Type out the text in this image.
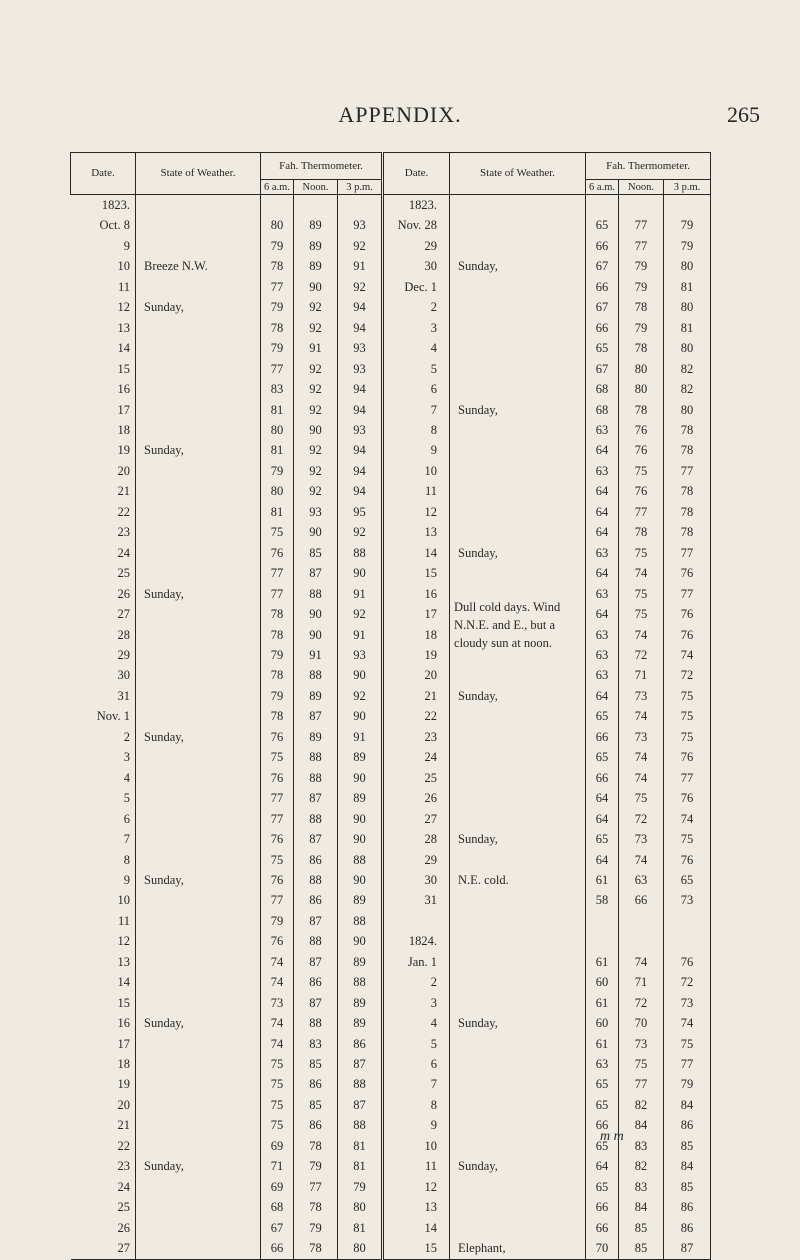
APPENDIX.	265
Date.	State of Weather.	Fah. Thermometer.			Date.	State of Weather.	Fah. Thermometer.		
		6 a.m.	Noon.	3 p.m.			6 a.m.	Noon.	3 p.m.
1823.					1823.				
Oct. 8		80	89	93	Nov. 28		65	77	79
9		79	89	92	29		66	77	79
10	Breeze N.W.	78	89	91	30	Sunday,	67	79	80
11		77	90	92	Dec. 1		66	79	81
12	Sunday,	79	92	94	2		67	78	80
13		78	92	94	3		66	79	81
14		79	91	93	4		65	78	80
15		77	92	93	5		67	80	82
16		83	92	94	6		68	80	82
17		81	92	94	7	Sunday,	68	78	80
18		80	90	93	8		63	76	78
19	Sunday,	81	92	94	9		64	76	78
20		79	92	94	10		63	75	77
21		80	92	94	11		64	76	78
22		81	93	95	12		64	77	78
23		75	90	92	13		64	78	78
24		76	85	88	14	Sunday,	63	75	77
25		77	87	90	15	Dull cold days. Wind N.N.E. and E., but a cloudy sun at noon.	64	74	76
26	Sunday,	77	88	91	16		63	75	77
27		78	90	92	17		64	75	76
28		78	90	91	18		63	74	76
29		79	91	93	19		63	72	74
30		78	88	90	20		63	71	72
31		79	89	92	21	Sunday,	64	73	75
Nov. 1		78	87	90	22		65	74	75
2	Sunday,	76	89	91	23		66	73	75
3		75	88	89	24		65	74	76
4		76	88	90	25		66	74	77
5		77	87	89	26		64	75	76
6		77	88	90	27		64	72	74
7		76	87	90	28	Sunday,	65	73	75
8		75	86	88	29		64	74	76
9	Sunday,	76	88	90	30	N.E. cold.	61	63	65
10		77	86	89	31		58	66	73
11		79	87	88					
12		76	88	90	1824.				
13		74	87	89	Jan. 1		61	74	76
14		74	86	88	2		60	71	72
15		73	87	89	3		61	72	73
16	Sunday,	74	88	89	4	Sunday,	60	70	74
17		74	83	86	5		61	73	75
18		75	85	87	6		63	75	77
19		75	86	88	7		65	77	79
20		75	85	87	8		65	82	84
21		75	86	88	9		66	84	86
22		69	78	81	10		65	83	85
23	Sunday,	71	79	81	11	Sunday,	64	82	84
24		69	77	79	12		65	83	85
25		68	78	80	13		66	84	86
26		67	79	81	14		66	85	86
27		66	78	80	15	Elephant,	70	85	87
m m
